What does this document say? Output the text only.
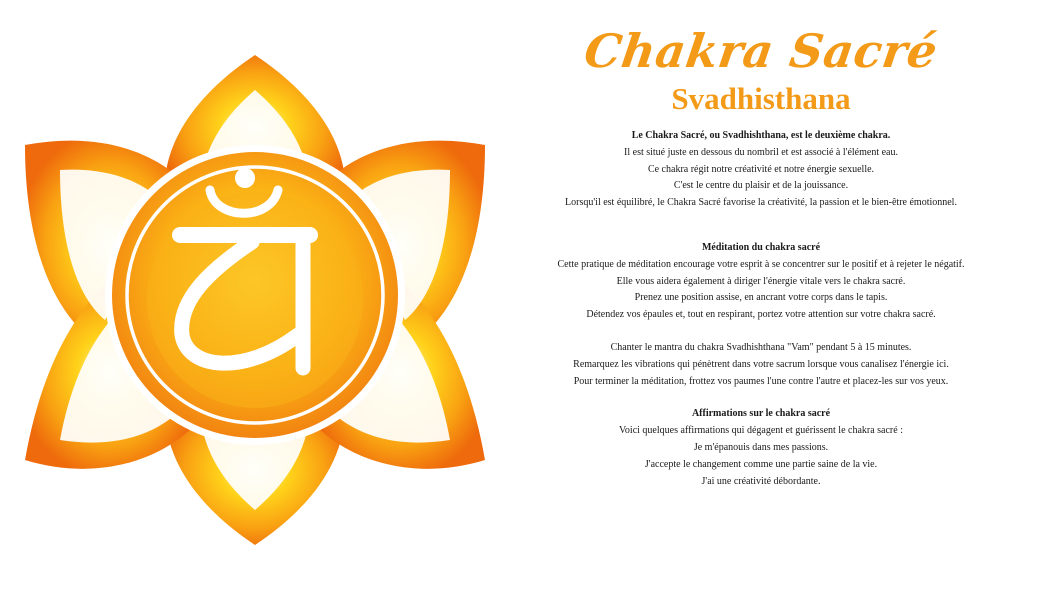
Chakra Sacré
Svadhisthana

Le Chakra Sacré, ou Svadhishthana, est le deuxième chakra.

Il est situé juste en dessous du nombril et est associé à l'élément eau.

Ce chakra régit notre créativité et notre énergie sexuelle.

C'est le centre du plaisir et de la jouissance.

Lorsqu'il est équilibré, le Chakra Sacré favorise la créativité, la passion et le bien-être émotionnel.

Méditation du chakra sacré

Cette pratique de méditation encourage votre esprit à se concentrer sur le positif et à rejeter le négatif.

Elle vous aidera également à diriger l'énergie vitale vers le chakra sacré.

Prenez une position assise, en ancrant votre corps dans le tapis.

Détendez vos épaules et, tout en respirant, portez votre attention sur votre chakra sacré.

Chanter le mantra du chakra Svadhishthana "Vam" pendant 5 à 15 minutes.

Remarquez les vibrations qui pénètrent dans votre sacrum lorsque vous canalisez l'énergie ici.

Pour terminer la méditation, frottez vos paumes l'une contre l'autre et placez-les sur vos yeux.

Affirmations sur le chakra sacré

Voici quelques affirmations qui dégagent et guérissent le chakra sacré :

Je m'épanouis dans mes passions.

J'accepte le changement comme une partie saine de la vie.

J'ai une créativité débordante.
